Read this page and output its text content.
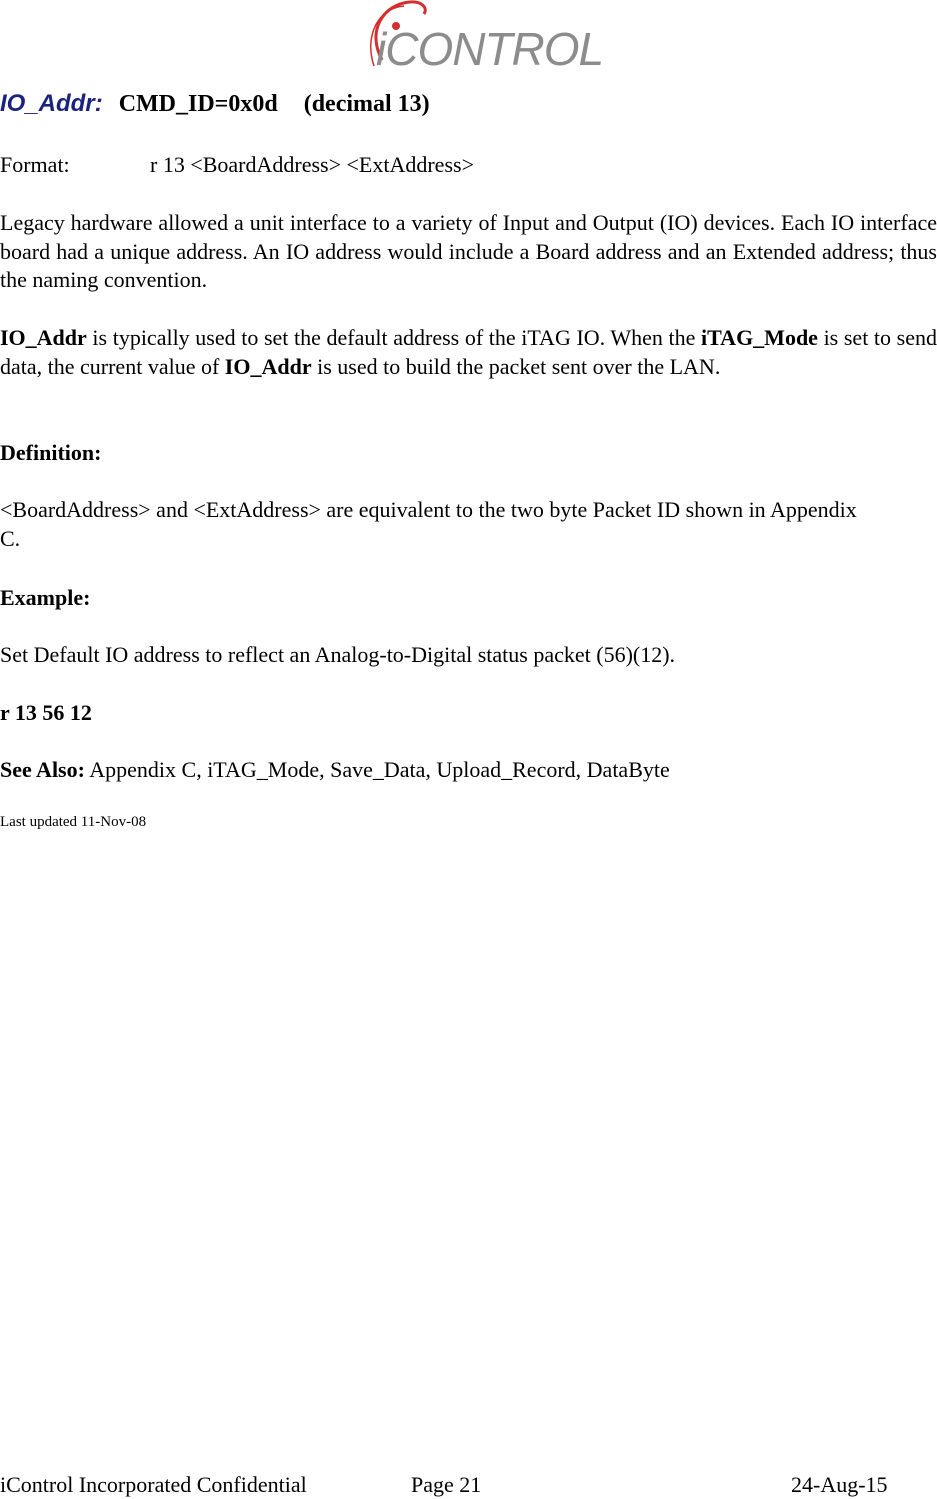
iCONTROL
IO_Addr: CMD_ID=0x0d (decimal 13)
Format:	r 13 <BoardAddress> <ExtAddress>
Legacy hardware allowed a unit interface to a variety of Input and Output (IO) devices. Each IO interface board had a unique address. An IO address would include a Board address and an Extended address; thus the naming convention.
IO_Addr is typically used to set the default address of the iTAG IO. When the iTAG_Mode is set to send data, the current value of IO_Addr is used to build the packet sent over the LAN.
Definition:
<BoardAddress> and <ExtAddress> are equivalent to the two byte Packet ID shown in Appendix C.
Example:
Set Default IO address to reflect an Analog-to-Digital status packet (56)(12).
r 13 56 12
See Also: Appendix C, iTAG_Mode, Save_Data, Upload_Record, DataByte
Last updated 11-Nov-08
iControl Incorporated Confidential	Page 21	24-Aug-15
